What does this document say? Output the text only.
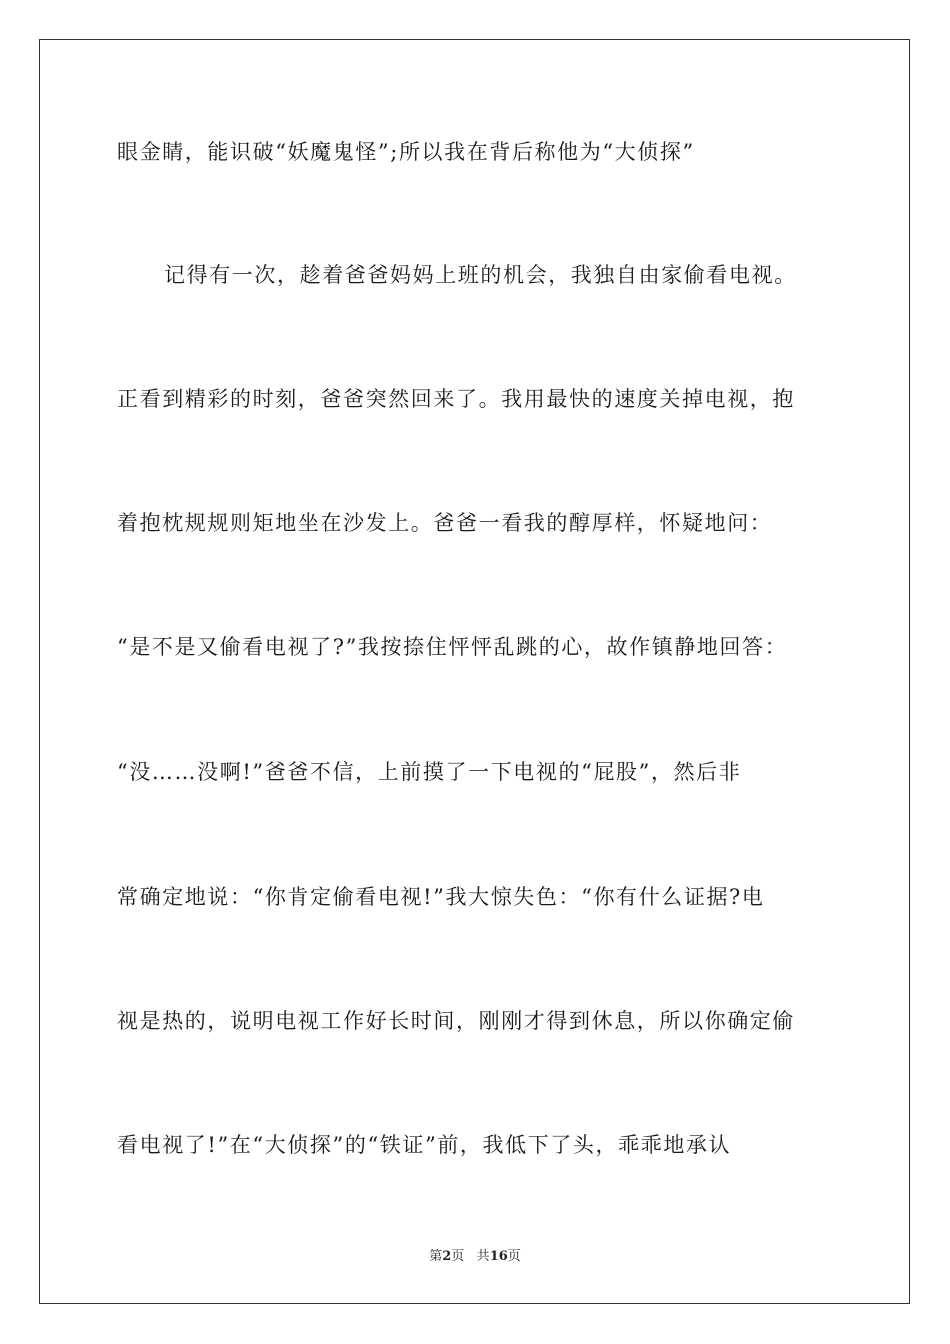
眼金睛，能识破“妖魔鬼怪”;所以我在背后称他为“大侦探”
记得有一次，趁着爸爸妈妈上班的机会，我独自由家偷看电视。
正看到精彩的时刻，爸爸突然回来了。我用最快的速度关掉电视，抱
着抱枕规规则矩地坐在沙发上。爸爸一看我的醇厚样，怀疑地问：
“是不是又偷看电视了?”我按捺住怦怦乱跳的心，故作镇静地回答：
“没……没啊!”爸爸不信，上前摸了一下电视的“屁股”，然后非
常确定地说：“你肯定偷看电视!”我大惊失色：“你有什么证据?电
视是热的，说明电视工作好长时间，刚刚才得到休息，所以你确定偷
看电视了!”在“大侦探”的“铁证”前，我低下了头，乖乖地承认
第2页 共16页
